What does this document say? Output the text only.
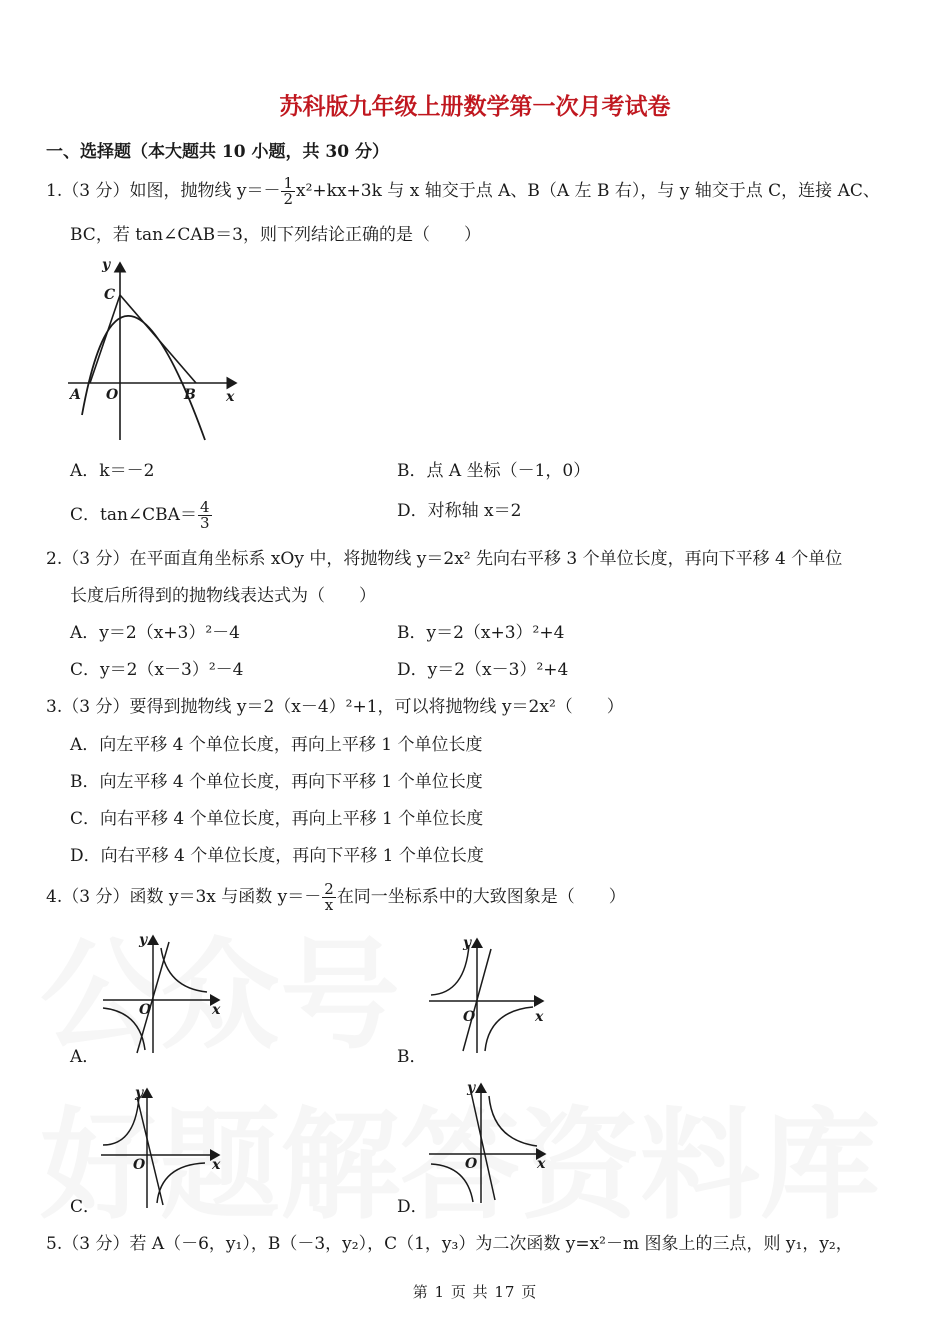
苏科版九年级上册数学第一次月考试卷
一、选择题（本大题共 10 小题，共 30 分）
1.（3 分）如图，抛物线 $y=- \frac{1}{2} x^2+kx+3k$ 与 x 轴交于点 A、B（A 左 B 右），与 y 轴交于点 C，连接 AC、
BC，若 tan∠CAB＝3，则下列结论正确的是（　　）
y
x
C
A O	B
A．k＝－2	B．点 A 坐标（－1，0）
C．tan∠CBA＝ $\frac{4}{3}$	D．对称轴 x＝2
2.（3 分）在平面直角坐标系 xOy 中，将抛物线 y＝2x² 先向右平移 3 个单位长度，再向下平移 4 个单位
长度后所得到的抛物线表达式为（　　）
A．y＝2（x+3）²－4	B．y＝2（x+3）²+4
C．y＝2（x－3）²－4	D．y＝2（x－3）²+4
3.（3 分）要得到抛物线 y＝2（x－4）²+1，可以将抛物线 y＝2x²（　　）
A．向左平移 4 个单位长度，再向上平移 1 个单位长度
B．向左平移 4 个单位长度，再向下平移 1 个单位长度
C．向右平移 4 个单位长度，再向上平移 1 个单位长度
D．向右平移 4 个单位长度，再向下平移 1 个单位长度
4.（3 分）函数 y＝3x 与函数 $y=- \frac{2}{x}$ 在同一坐标系中的大致图象是（　　）
y
x
O
A．
y
x
O
B．
y
x
O
C．
y
x
O
D．
5.（3 分）若 A（－6，y₁），B（－3，y₂），C（1，y₃）为二次函数 y=x²－m 图象上的三点，则 y₁，y₂，
第 1 页 共 17 页
